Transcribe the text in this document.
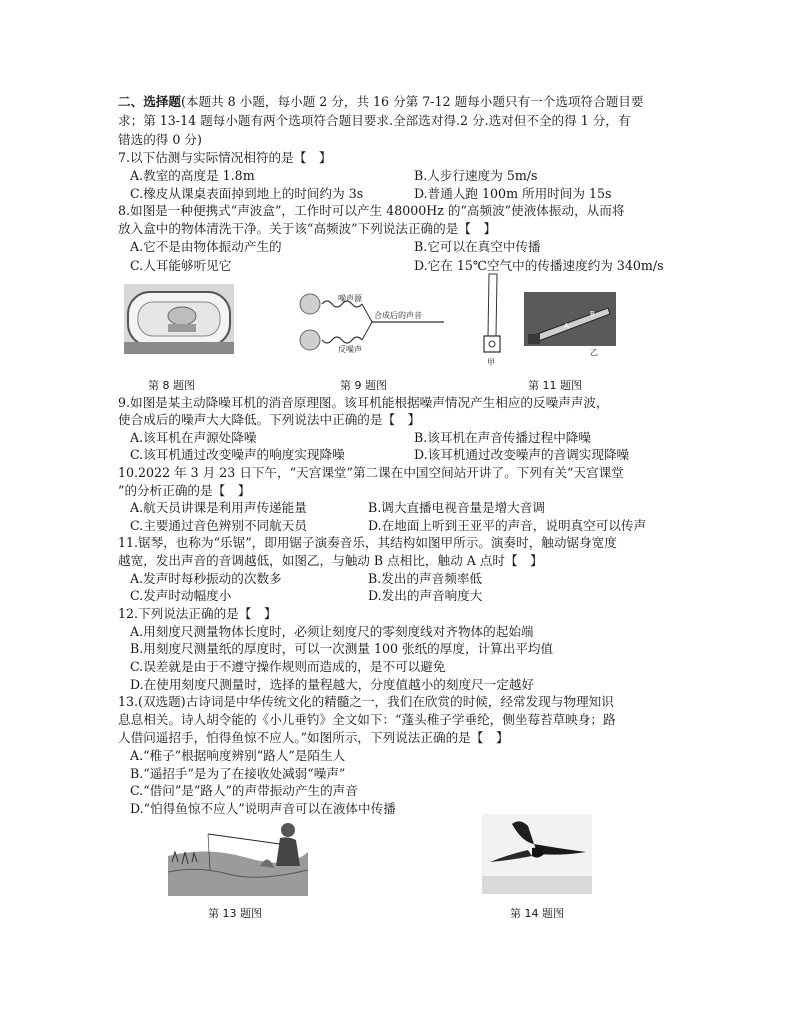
二、选择题(本题共 8 小题，每小题 2 分，共 16 分第 7-12 题每小题只有一个选项符合题目要
求；第 13-14 题每小题有两个选项符合题目要求.全部选对得.2 分.选对但不全的得 1 分，有
错选的得 0 分)
7.以下估测与实际情况相符的是【　】
A.教室的高度是 1.8m	B.人步行速度为 5m/s
C.橡皮从课桌表面掉到地上的时间约为 3s	D.普通人跑 100m 所用时间为 15s
8.如图是一种便携式“声波盒”，工作时可以产生 48000Hz 的“高频波”使液体振动，从而将
放入盒中的物体清洗干净。关于该“高频波”下列说法正确的是【　】
A.它不是由物体振动产生的	B.它可以在真空中传播
C.人耳能够听见它	D.它在 15℃空气中的传播速度约为 340m/s
第 8 题图
噪声源
合成后的声音
反噪声
第 9 题图
甲
A
B
乙
第 11 题图
9.如图是某主动降噪耳机的消音原理图。该耳机能根据噪声情况产生相应的反噪声声波，
使合成后的噪声大大降低。下列说法中正确的是【　】
A.该耳机在声源处降噪	B.该耳机在声音传播过程中降噪
C.该耳机通过改变噪声的响度实现降噪	D.该耳机通过改变噪声的音调实现降噪
10.2022 年 3 月 23 日下午，“天宫课堂”第二课在中国空间站开讲了。下列有关“天宫课堂
”的分析正确的是【　】
A.航天员讲课是利用声传递能量	B.调大直播电视音量是增大音调
C.主要通过音色辨别不同航天员	D.在地面上听到王亚平的声音，说明真空可以传声
11.锯琴，也称为“乐锯”，即用锯子演奏音乐，其结构如图甲所示。演奏时，触动锯身宽度
越宽，发出声音的音调越低，如图乙，与触动 B 点相比，触动 A 点时【　】
A.发声时每秒振动的次数多	B.发出的声音频率低
C.发声时动幅度小	D.发出的声音响度大
12.下列说法正确的是【　】
A.用刻度尺测量物体长度时，必须让刻度尺的零刻度线对齐物体的起始端
B.用刻度尺测量纸的厚度时，可以一次测量 100 张纸的厚度，计算出平均值
C.误差就是由于不遵守操作规则而造成的，是不可以避免
D.在使用刻度尺测量时，选择的量程越大，分度值越小的刻度尺一定越好
13.(双选题)古诗词是中华传统文化的精髓之一，我们在欣赏的时候，经常发现与物理知识
息息相关。诗人胡令能的《小儿垂钓》全文如下：“蓬头稚子学垂纶，侧坐莓苔草映身；路
人借问遥招手，怕得鱼惊不应人。”如图所示，下列说法正确的是【　】
A.“稚子”根据响度辨别“路人”是陌生人
B.“遥招手”是为了在接收处减弱“噪声”
C.“借问”是“路人”的声带振动产生的声音
D.“怕得鱼惊不应人”说明声音可以在液体中传播
第 13 题图	第 14 题图
